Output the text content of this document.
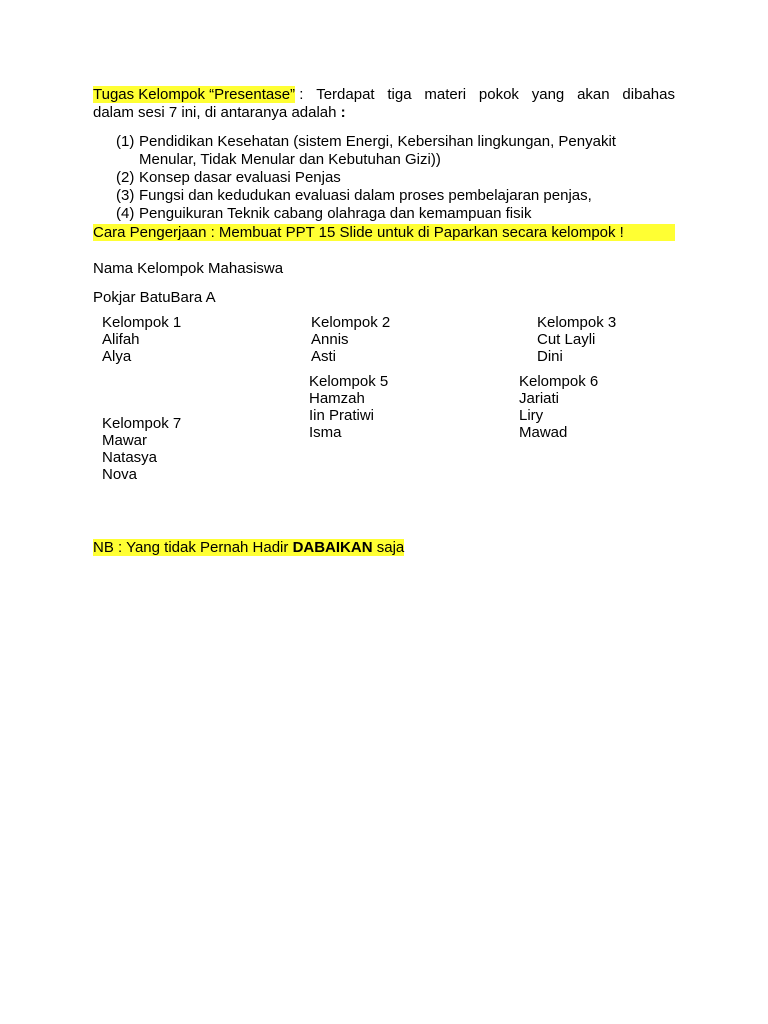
Tugas Kelompok “Presentase” : Terdapat tiga materi pokok yang akan dibahas
dalam sesi 7 ini, di antaranya adalah :
(1) Pendidikan Kesehatan (sistem Energi, Kebersihan lingkungan, Penyakit Menular, Tidak Menular dan Kebutuhan Gizi))
(2) Konsep dasar evaluasi Penjas
(3) Fungsi dan kedudukan evaluasi dalam proses pembelajaran penjas,
(4) Penguikuran Teknik cabang olahraga dan kemampuan fisik
Cara Pengerjaan : Membuat PPT 15 Slide untuk di Paparkan secara kelompok !
Nama Kelompok Mahasiswa
Pokjar BatuBara A
Kelompok 1
Alifah
Alya
Kelompok 2
Annis
Asti
Kelompok 3
Cut Layli
Dini
Kelompok 5
Hamzah
Iin Pratiwi
Isma
Kelompok 6
Jariati
Liry
Mawad
Kelompok 7
Mawar
Natasya
Nova
NB : Yang tidak Pernah Hadir DABAIKAN saja
